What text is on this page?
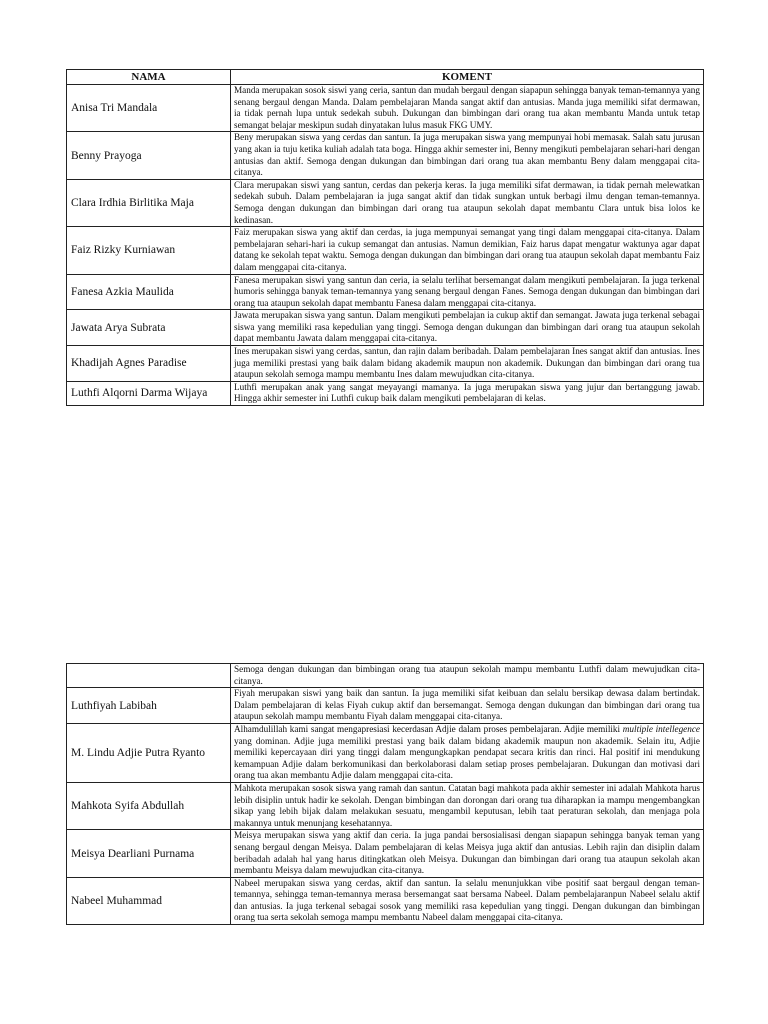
NAMA	KOMENT
Anisa Tri Mandala	Manda merupakan sosok siswi yang ceria, santun dan mudah bergaul dengan siapapun sehingga banyak teman-temannya yang senang bergaul dengan Manda. Dalam pembelajaran Manda sangat aktif dan antusias. Manda juga memiliki sifat dermawan, ia tidak pernah lupa untuk sedekah subuh. Dukungan dan bimbingan dari orang tua akan membantu Manda untuk tetap semangat belajar meskipun sudah dinyatakan lulus masuk FKG UMY.
Benny Prayoga	Beny merupakan siswa yang cerdas dan santun. Ia juga merupakan siswa yang mempunyai hobi memasak. Salah satu jurusan yang akan ia tuju ketika kuliah adalah tata boga. Hingga akhir semester ini, Benny mengikuti pembelajaran sehari-hari dengan antusias dan aktif. Semoga dengan dukungan dan bimbingan dari orang tua akan membantu Beny dalam menggapai cita-citanya.
Clara Irdhia Birlitika Maja	Clara merupakan siswi yang santun, cerdas dan pekerja keras. Ia juga memiliki sifat dermawan, ia tidak pernah melewatkan sedekah subuh. Dalam pembelajaran ia juga sangat aktif dan tidak sungkan untuk berbagi ilmu dengan teman-temannya. Semoga dengan dukungan dan bimbingan dari orang tua ataupun sekolah dapat membantu Clara untuk bisa lolos ke kedinasan.
Faiz Rizky Kurniawan	Faiz merupakan siswa yang aktif dan cerdas, ia juga mempunyai semangat yang tingi dalam menggapai cita-citanya. Dalam pembelajaran sehari-hari ia cukup semangat dan antusias. Namun demikian, Faiz harus dapat mengatur waktunya agar dapat datang ke sekolah tepat waktu. Semoga dengan dukungan dan bimbingan dari orang tua ataupun sekolah dapat membantu Faiz dalam menggapai cita-citanya.
Fanesa Azkia Maulida	Fanesa merupakan siswi yang santun dan ceria, ia selalu terlihat bersemangat dalam mengikuti pembelajaran. Ia juga terkenal humoris sehingga banyak teman-temannya yang senang bergaul dengan Fanes. Semoga dengan dukungan dan bimbingan dari orang tua ataupun sekolah dapat membantu Fanesa dalam menggapai cita-citanya.
Jawata Arya Subrata	Jawata merupakan siswa yang santun. Dalam mengikuti pembelajan ia cukup aktif dan semangat. Jawata juga terkenal sebagai siswa yang memiliki rasa kepedulian yang tinggi. Semoga dengan dukungan dan bimbingan dari orang tua ataupun sekolah dapat membantu Jawata dalam menggapai cita-citanya.
Khadijah Agnes Paradise	Ines merupakan siswi yang cerdas, santun, dan rajin dalam beribadah. Dalam pembelajaran Ines sangat aktif dan antusias. Ines juga memiliki prestasi yang baik dalam bidang akademik maupun non akademik. Dukungan dan bimbingan dari orang tua ataupun sekolah semoga mampu membantu Ines dalam mewujudkan cita-citanya.
Luthfi Alqorni Darma Wijaya	Luthfi merupakan anak yang sangat meyayangi mamanya. Ia juga merupakan siswa yang jujur dan bertanggung jawab. Hingga akhir semester ini Luthfi cukup baik dalam mengikuti pembelajaran di kelas.
	Semoga dengan dukungan dan bimbingan orang tua ataupun sekolah mampu membantu Luthfi dalam mewujudkan cita-citanya.
Luthfiyah Labibah	Fiyah merupakan siswi yang baik dan santun. Ia juga memiliki sifat keibuan dan selalu bersikap dewasa dalam bertindak. Dalam pembelajaran di kelas Fiyah cukup aktif dan bersemangat. Semoga dengan dukungan dan bimbingan dari orang tua ataupun sekolah mampu membantu Fiyah dalam menggapai cita-citanya.
M. Lindu Adjie Putra Ryanto	Alhamdulillah kami sangat mengapresiasi kecerdasan Adjie dalam proses pembelajaran. Adjie memiliki multiple intellegence yang dominan. Adjie juga memiliki prestasi yang baik dalam bidang akademik maupun non akademik. Selain itu, Adjie memiliki kepercayaan diri yang tinggi dalam mengungkapkan pendapat secara kritis dan rinci. Hal positif ini mendukung kemampuan Adjie dalam berkomunikasi dan berkolaborasi dalam setiap proses pembelajaran. Dukungan dan motivasi dari orang tua akan membantu Adjie dalam menggapai cita-cita.
Mahkota Syifa Abdullah	Mahkota merupakan sosok siswa yang ramah dan santun. Catatan bagi mahkota pada akhir semester ini adalah Mahkota harus lebih disiplin untuk hadir ke sekolah. Dengan bimbingan dan dorongan dari orang tua diharapkan ia mampu mengembangkan sikap yang lebih bijak dalam melakukan sesuatu, mengambil keputusan, lebih taat peraturan sekolah, dan menjaga pola makannya untuk menunjang kesehatannya.
Meisya Dearliani Purnama	Meisya merupakan siswa yang aktif dan ceria. Ia juga pandai bersosialisasi dengan siapapun sehingga banyak teman yang senang bergaul dengan Meisya. Dalam pembelajaran di kelas Meisya juga aktif dan antusias. Lebih rajin dan disiplin dalam beribadah adalah hal yang harus ditingkatkan oleh Meisya. Dukungan dan bimbingan dari orang tua ataupun sekolah akan membantu Meisya dalam mewujudkan cita-citanya.
Nabeel Muhammad	Nabeel merupakan siswa yang cerdas, aktif dan santun. Ia selalu menunjukkan vibe positif saat bergaul dengan teman-temannya, sehingga teman-temannya merasa bersemangat saat bersama Nabeel. Dalam pembelajaranpun Nabeel selalu aktif dan antusias. Ia juga terkenal sebagai sosok yang memiliki rasa kepedulian yang tinggi. Dengan dukungan dan bimbingan orang tua serta sekolah semoga mampu membantu Nabeel dalam menggapai cita-citanya.
